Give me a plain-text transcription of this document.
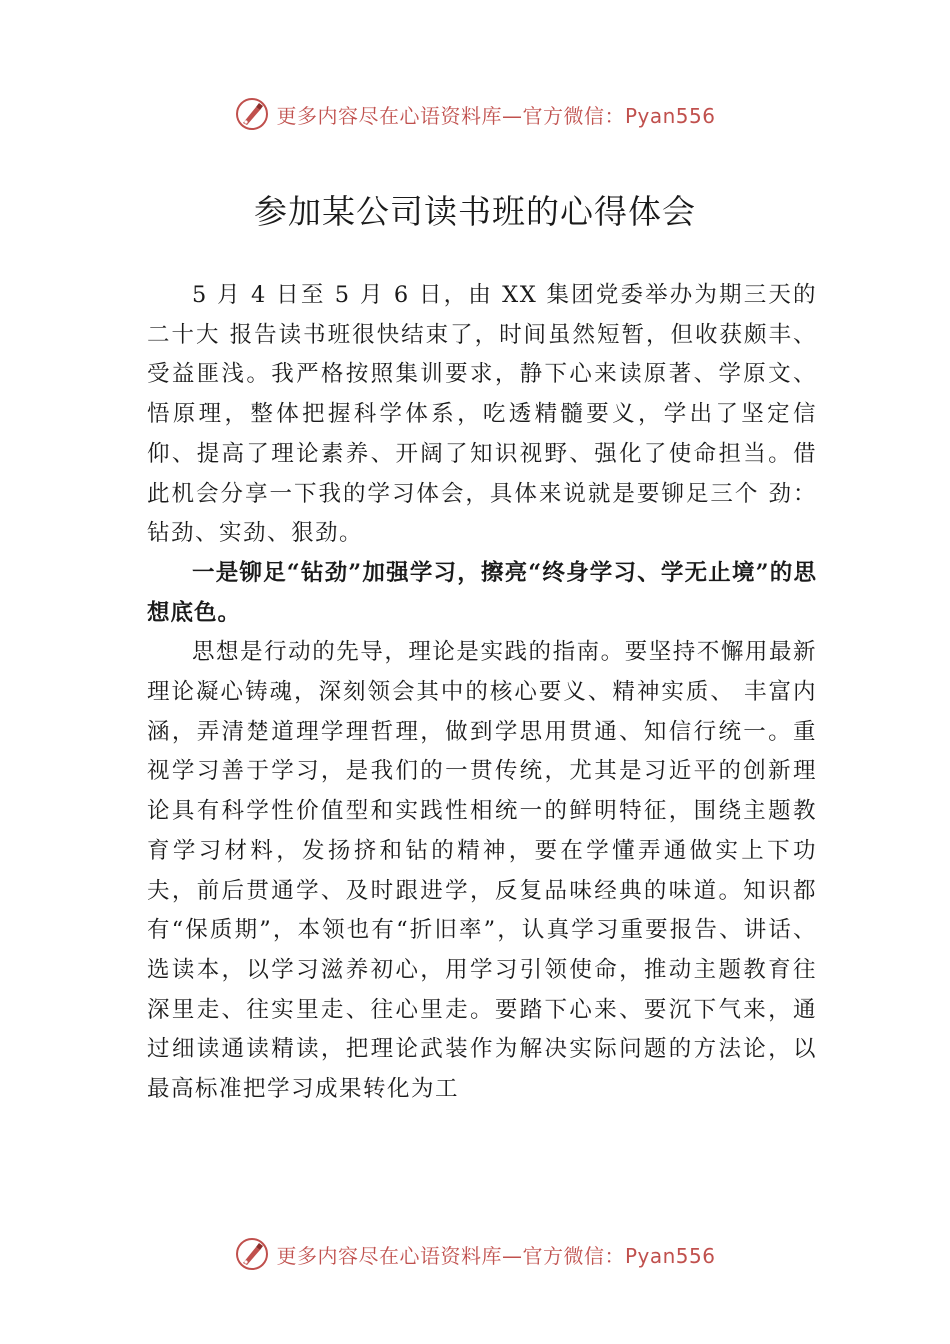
更多内容尽在心语资料库—官方微信：Pyan556
参加某公司读书班的心得体会

5 月 4 日至 5 月 6 日，由 XX 集团党委举办为期三天的二十大 报告读书班很快结束了，时间虽然短暂，但收获颇丰、受益匪浅。我严格按照集训要求，静下心来读原著、学原文、悟原理，整体把握科学体系，吃透精髓要义，学出了坚定信仰、提高了理论素养、开阔了知识视野、强化了使命担当。借此机会分享一下我的学习体会，具体来说就是要铆足三个 劲：钻劲、实劲、狠劲。

一是铆足“钻劲”加强学习，擦亮“终身学习、学无止境”的思想底色。

思想是行动的先导，理论是实践的指南。要坚持不懈用最新理论凝心铸魂，深刻领会其中的核心要义、精神实质、 丰富内涵，弄清楚道理学理哲理，做到学思用贯通、知信行统一。重视学习善于学习，是我们的一贯传统，尤其是习近平的创新理论具有科学性价值型和实践性相统一的鲜明特征，围绕主题教育学习材料，发扬挤和钻的精神，要在学懂弄通做实上下功夫，前后贯通学、及时跟进学，反复品味经典的味道。知识都有“保质期”，本领也有“折旧率”，认真学习重要报告、讲话、选读本，以学习滋养初心，用学习引领使命，推动主题教育往深里走、往实里走、往心里走。要踏下心来、要沉下气来，通过细读通读精读，把理论武装作为解决实际问题的方法论，以最高标准把学习成果转化为工

更多内容尽在心语资料库—官方微信：Pyan556
